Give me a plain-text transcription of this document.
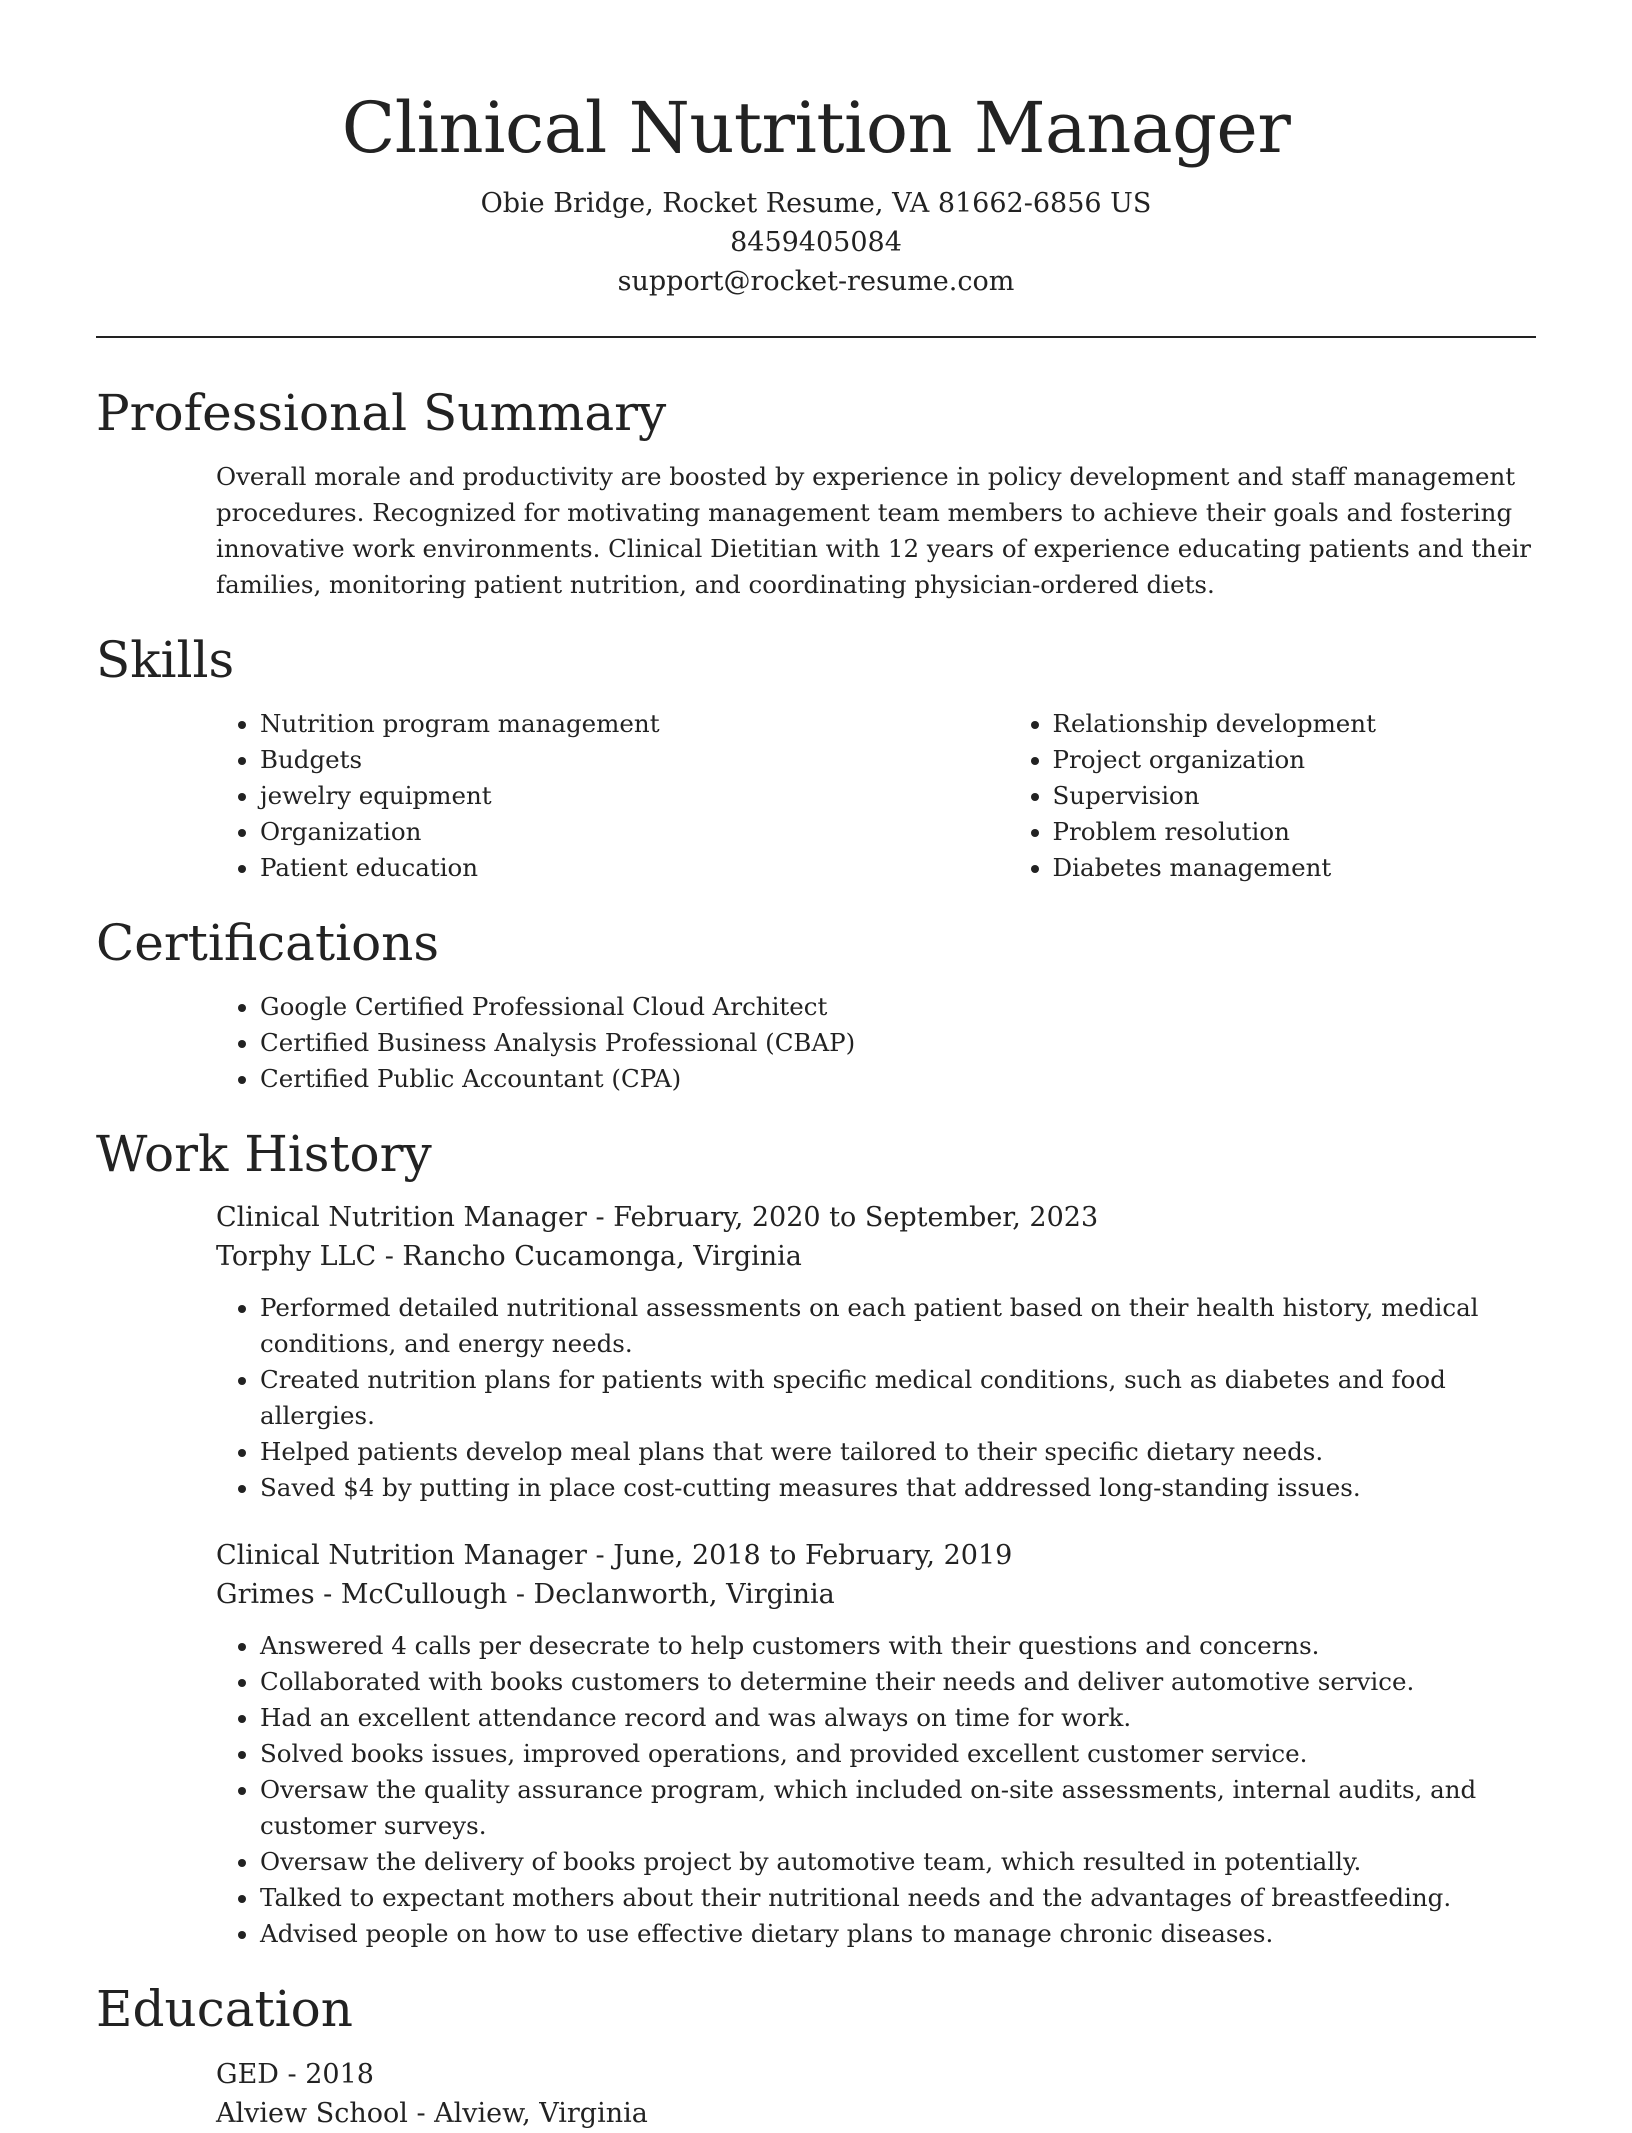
Clinical Nutrition Manager
Obie Bridge, Rocket Resume, VA 81662-6856 US
8459405084
support@rocket-resume.com
Professional Summary
Overall morale and productivity are boosted by experience in policy development and staff management procedures. Recognized for motivating management team members to achieve their goals and fostering innovative work environments. Clinical Dietitian with 12 years of experience educating patients and their families, monitoring patient nutrition, and coordinating physician-ordered diets.
Skills
• Nutrition program management
• Budgets
• jewelry equipment
• Organization
• Patient education
• Relationship development
• Project organization
• Supervision
• Problem resolution
• Diabetes management
Certifications
• Google Certified Professional Cloud Architect
• Certified Business Analysis Professional (CBAP)
• Certified Public Accountant (CPA)
Work History
Clinical Nutrition Manager - February, 2020 to September, 2023
Torphy LLC - Rancho Cucamonga, Virginia
• Performed detailed nutritional assessments on each patient based on their health history, medical conditions, and energy needs.
• Created nutrition plans for patients with specific medical conditions, such as diabetes and food allergies.
• Helped patients develop meal plans that were tailored to their specific dietary needs.
• Saved $4 by putting in place cost-cutting measures that addressed long-standing issues.
Clinical Nutrition Manager - June, 2018 to February, 2019
Grimes - McCullough - Declanworth, Virginia
• Answered 4 calls per desecrate to help customers with their questions and concerns.
• Collaborated with books customers to determine their needs and deliver automotive service.
• Had an excellent attendance record and was always on time for work.
• Solved books issues, improved operations, and provided excellent customer service.
• Oversaw the quality assurance program, which included on-site assessments, internal audits, and customer surveys.
• Oversaw the delivery of books project by automotive team, which resulted in potentially.
• Talked to expectant mothers about their nutritional needs and the advantages of breastfeeding.
• Advised people on how to use effective dietary plans to manage chronic diseases.
Education
GED - 2018
Alview School - Alview, Virginia
